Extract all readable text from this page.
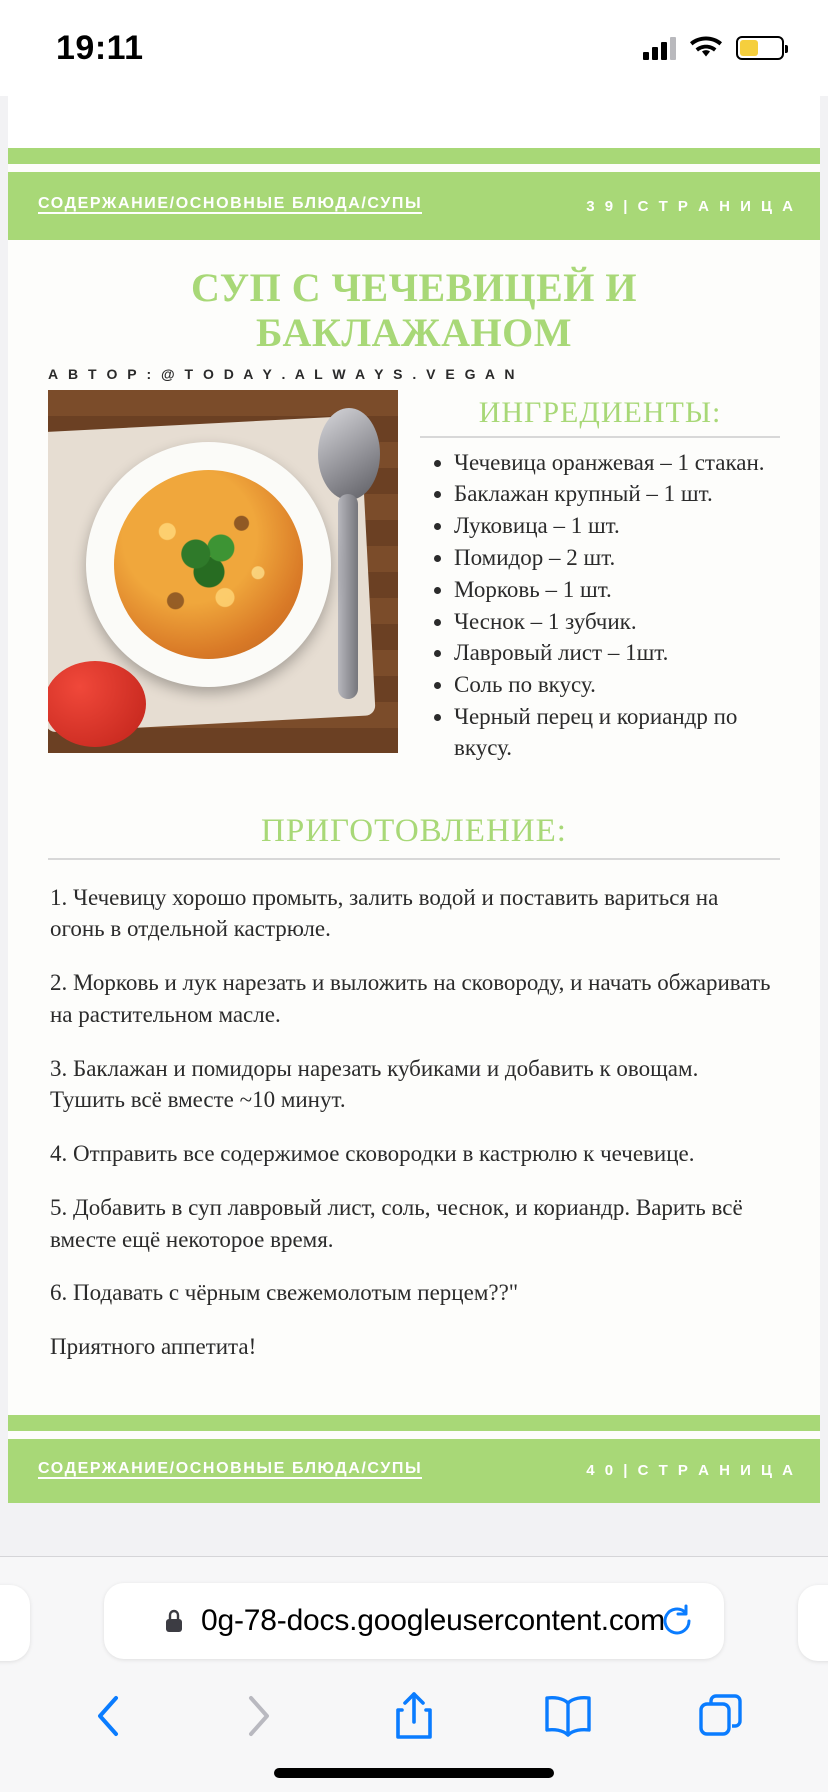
19:11
СОДЕРЖАНИЕ/ОСНОВНЫЕ БЛЮДА/СУПЫ	3 9 | С Т Р А Н И Ц А
СУП С ЧЕЧЕВИЦЕЙ И БАКЛАЖАНОМ
А В Т О Р : @ T O D A Y . A L W A Y S . V E G A N
ИНГРЕДИЕНТЫ:
• Чечевица оранжевая – 1 стакан.
• Баклажан крупный – 1 шт.
• Луковица – 1 шт.
• Помидор – 2 шт.
• Морковь – 1 шт.
• Чеснок – 1 зубчик.
• Лавровый лист – 1шт.
• Соль по вкусу.
• Черный перец и кориандр по вкусу.
ПРИГОТОВЛЕНИЕ:

1. Чечевицу хорошо промыть, залить водой и поставить вариться на огонь в отдельной кастрюле.

2. Морковь и лук нарезать и выложить на сковороду, и начать обжаривать на растительном масле.

3. Баклажан и помидоры нарезать кубиками и добавить к овощам. Тушить всё вместе ~10 минут.

4. Отправить все содержимое сковородки в кастрюлю к чечевице.

5. Добавить в суп лавровый лист, соль, чеснок, и кориандр. Варить всё вместе ещё некоторое время.

6. Подавать с чёрным свежемолотым перцем??"

Приятного аппетита!

СОДЕРЖАНИЕ/ОСНОВНЫЕ БЛЮДА/СУПЫ	4 0 | С Т Р А Н И Ц А
0g-78-docs.googleusercontent.com
